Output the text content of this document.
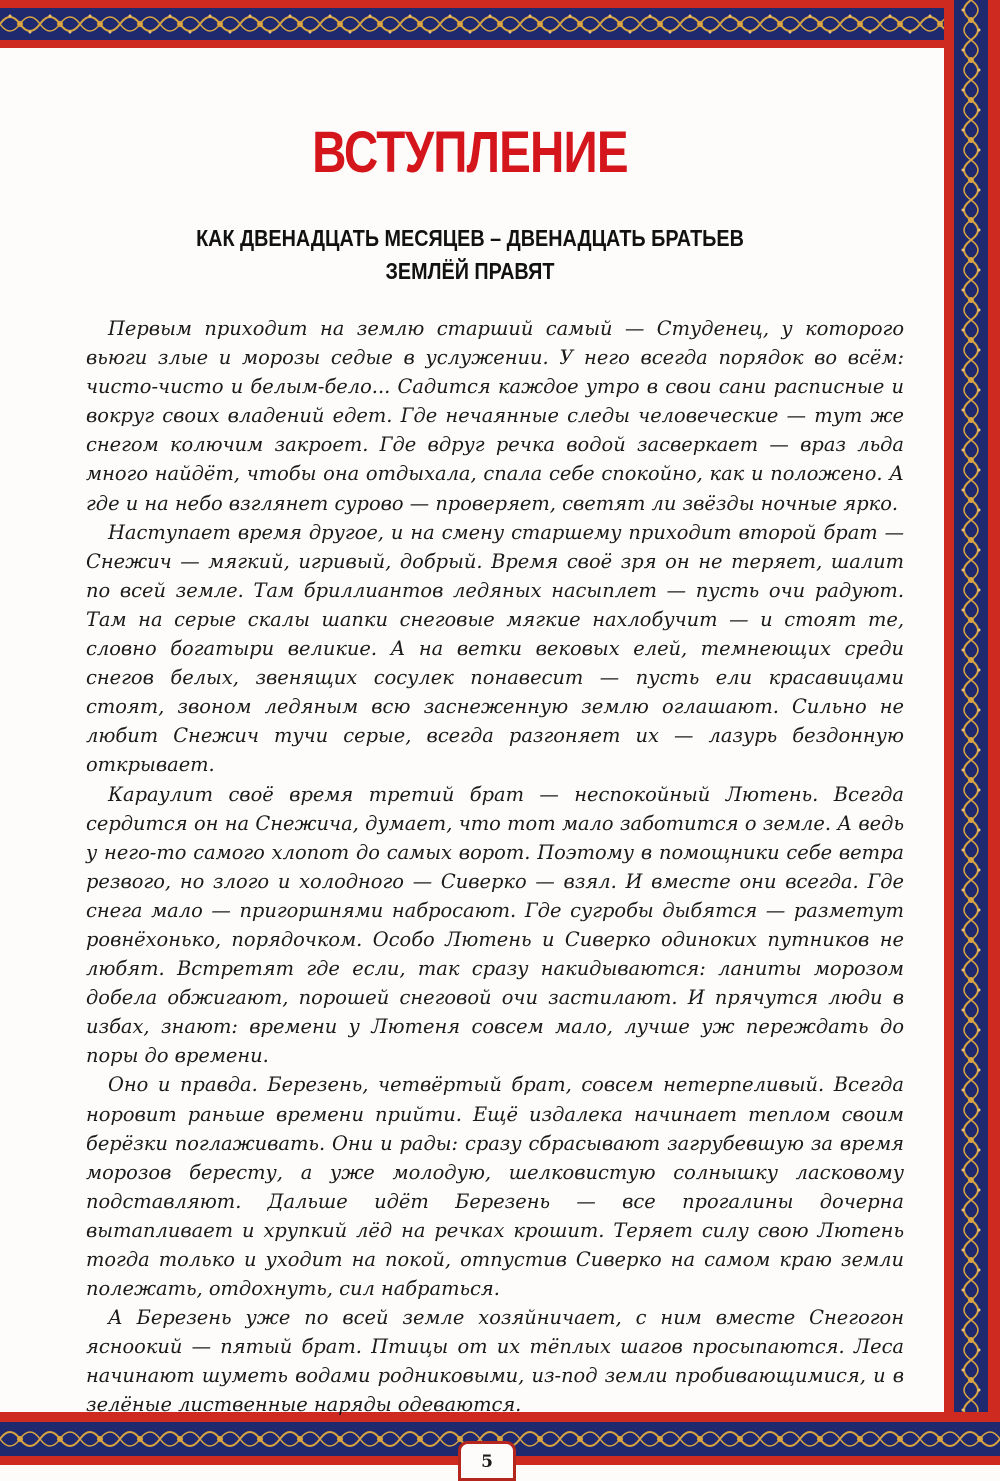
ВСТУПЛЕНИЕ
КАК ДВЕНАДЦАТЬ МЕСЯЦЕВ – ДВЕНАДЦАТЬ БРАТЬЕВ
ЗЕМЛЁЙ ПРАВЯТ

Первым приходит на землю старший самый — Студенец, у которого вьюги злые и морозы седые в услужении. У него всегда порядок во всём: чисто-чисто и белым-бело... Садится каждое утро в свои сани расписные и вокруг своих владений едет. Где нечаянные следы человеческие — тут же снегом колючим закроет. Где вдруг речка водой засверкает — враз льда много найдёт, чтобы она отдыхала, спала себе спокойно, как и положено. А где и на небо взглянет сурово — проверяет, светят ли звёзды ночные ярко.

Наступает время другое, и на смену старшему приходит второй брат — Снежич — мягкий, игривый, добрый. Время своё зря он не теряет, шалит по всей земле. Там бриллиантов ледяных насыплет — пусть очи радуют. Там на серые скалы шапки снеговые мягкие нахлобучит — и стоят те, словно богатыри великие. А на ветки вековых елей, темнеющих среди снегов белых, звенящих сосулек понавесит — пусть ели красавицами стоят, звоном ледяным всю заснеженную землю оглашают. Сильно не любит Снежич тучи серые, всегда разгоняет их — лазурь бездонную открывает.

Караулит своё время третий брат — неспокойный Лютень. Всегда сердится он на Снежича, думает, что тот мало заботится о земле. А ведь у него-то самого хлопот до самых ворот. Поэтому в помощники себе ветра резвого, но злого и холодного — Сиверко — взял. И вместе они всегда. Где снега мало — пригоршнями набросают. Где сугробы дыбятся — разметут ровнёхонько, порядочком. Особо Лютень и Сиверко одиноких путников не любят. Встретят где если, так сразу накидываются: ланиты морозом добела обжигают, порошей снеговой очи застилают. И прячутся люди в избах, знают: времени у Лютеня совсем мало, лучше уж переждать до поры до времени.

Оно и правда. Березень, четвёртый брат, совсем нетерпеливый. Всегда норовит раньше времени прийти. Ещё издалека начинает теплом своим берёзки поглаживать. Они и рады: сразу сбрасывают загрубевшую за время морозов бересту, а уже молодую, шелковистую солнышку ласковому подставляют. Дальше идёт Березень — все прогалины дочерна вытапливает и хрупкий лёд на речках крошит. Теряет силу свою Лютень тогда только и уходит на покой, отпустив Сиверко на самом краю земли полежать, отдохнуть, сил набраться.

А Березень уже по всей земле хозяйничает, с ним вместе Снегогон ясноокий — пятый брат. Птицы от их тёплых шагов просыпаются. Леса начинают шуметь водами родниковыми, из-под земли пробивающимися, и в зелёные лиственные наряды одеваются.

5
